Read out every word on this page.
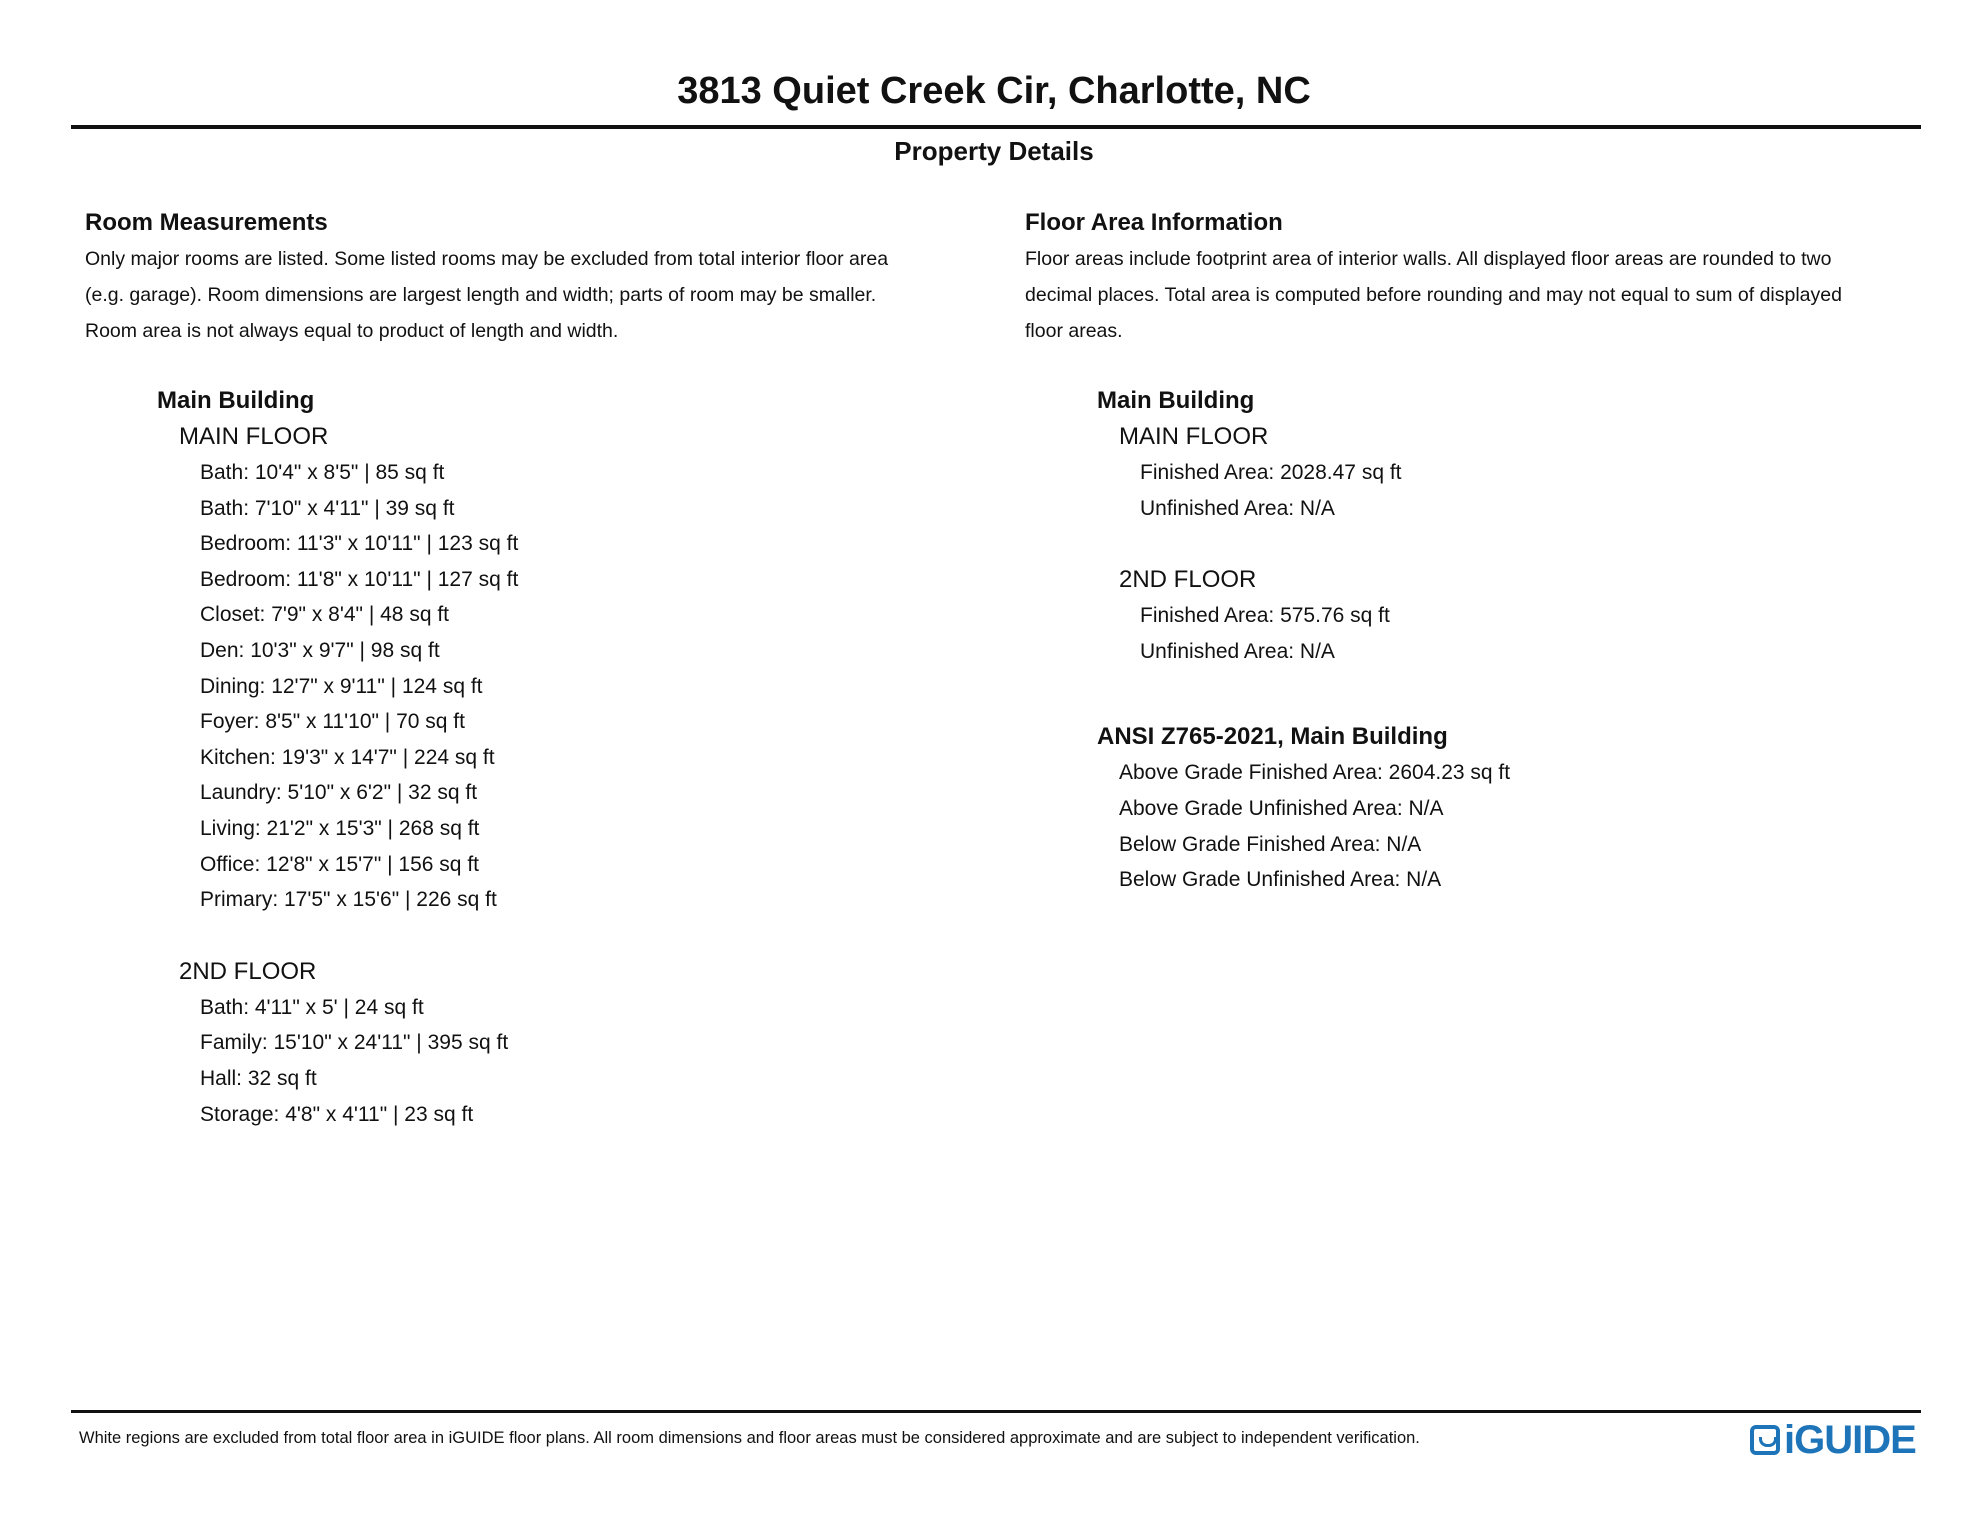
3813 Quiet Creek Cir, Charlotte, NC
Property Details
Room Measurements
Only major rooms are listed. Some listed rooms may be excluded from total interior floor area
(e.g. garage). Room dimensions are largest length and width; parts of room may be smaller.
Room area is not always equal to product of length and width.
Main Building
MAIN FLOOR
Bath: 10'4" x 8'5" | 85 sq ft
Bath: 7'10" x 4'11" | 39 sq ft
Bedroom: 11'3" x 10'11" | 123 sq ft
Bedroom: 11'8" x 10'11" | 127 sq ft
Closet: 7'9" x 8'4" | 48 sq ft
Den: 10'3" x 9'7" | 98 sq ft
Dining: 12'7" x 9'11" | 124 sq ft
Foyer: 8'5" x 11'10" | 70 sq ft
Kitchen: 19'3" x 14'7" | 224 sq ft
Laundry: 5'10" x 6'2" | 32 sq ft
Living: 21'2" x 15'3" | 268 sq ft
Office: 12'8" x 15'7" | 156 sq ft
Primary: 17'5" x 15'6" | 226 sq ft
2ND FLOOR
Bath: 4'11" x 5' | 24 sq ft
Family: 15'10" x 24'11" | 395 sq ft
Hall: 32 sq ft
Storage: 4'8" x 4'11" | 23 sq ft
Floor Area Information
Floor areas include footprint area of interior walls. All displayed floor areas are rounded to two
decimal places. Total area is computed before rounding and may not equal to sum of displayed
floor areas.
Main Building
MAIN FLOOR
Finished Area: 2028.47 sq ft
Unfinished Area: N/A
2ND FLOOR
Finished Area: 575.76 sq ft
Unfinished Area: N/A
ANSI Z765-2021, Main Building
Above Grade Finished Area: 2604.23 sq ft
Above Grade Unfinished Area: N/A
Below Grade Finished Area: N/A
Below Grade Unfinished Area: N/A
White regions are excluded from total floor area in iGUIDE floor plans. All room dimensions and floor areas must be considered approximate and are subject to independent verification.	iGUIDE
